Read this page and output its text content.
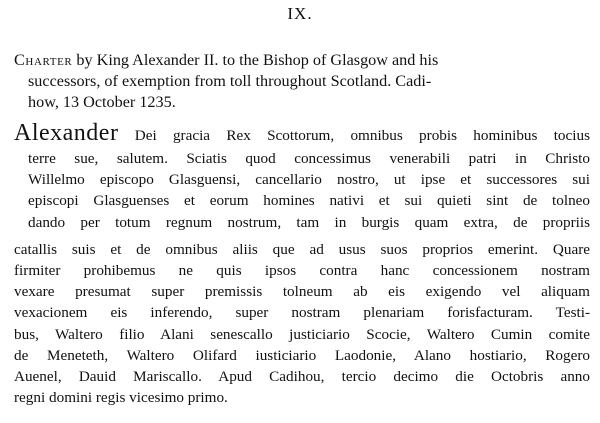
IX.
Charter by King Alexander II. to the Bishop of Glasgow and his
successors, of exemption from toll throughout Scotland. Cadi-
how, 13 October 1235.
Alexander Dei gracia Rex Scottorum, omnibus probis hominibus tocius
terre sue, salutem. Sciatis quod concessimus venerabili patri in Christo
Willelmo episcopo Glasguensi, cancellario nostro, ut ipse et successores sui
episcopi Glasguenses et eorum homines nativi et sui quieti sint de tolneo
dando per totum regnum nostrum, tam in burgis quam extra, de propriis
catallis suis et de omnibus aliis que ad usus suos proprios emerint. Quare
firmiter prohibemus ne quis ipsos contra hanc concessionem nostram
vexare presumat super premissis tolneum ab eis exigendo vel aliquam
vexacionem eis inferendo, super nostram plenariam forisfacturam. Testi-
bus, Waltero filio Alani senescallo justiciario Scocie, Waltero Cumin comite
de Meneteth, Waltero Olifard iusticiario Laodonie, Alano hostiario, Rogero
Auenel, Dauid Mariscallo. Apud Cadihou, tercio decimo die Octobris anno
regni domini regis vicesimo primo.
